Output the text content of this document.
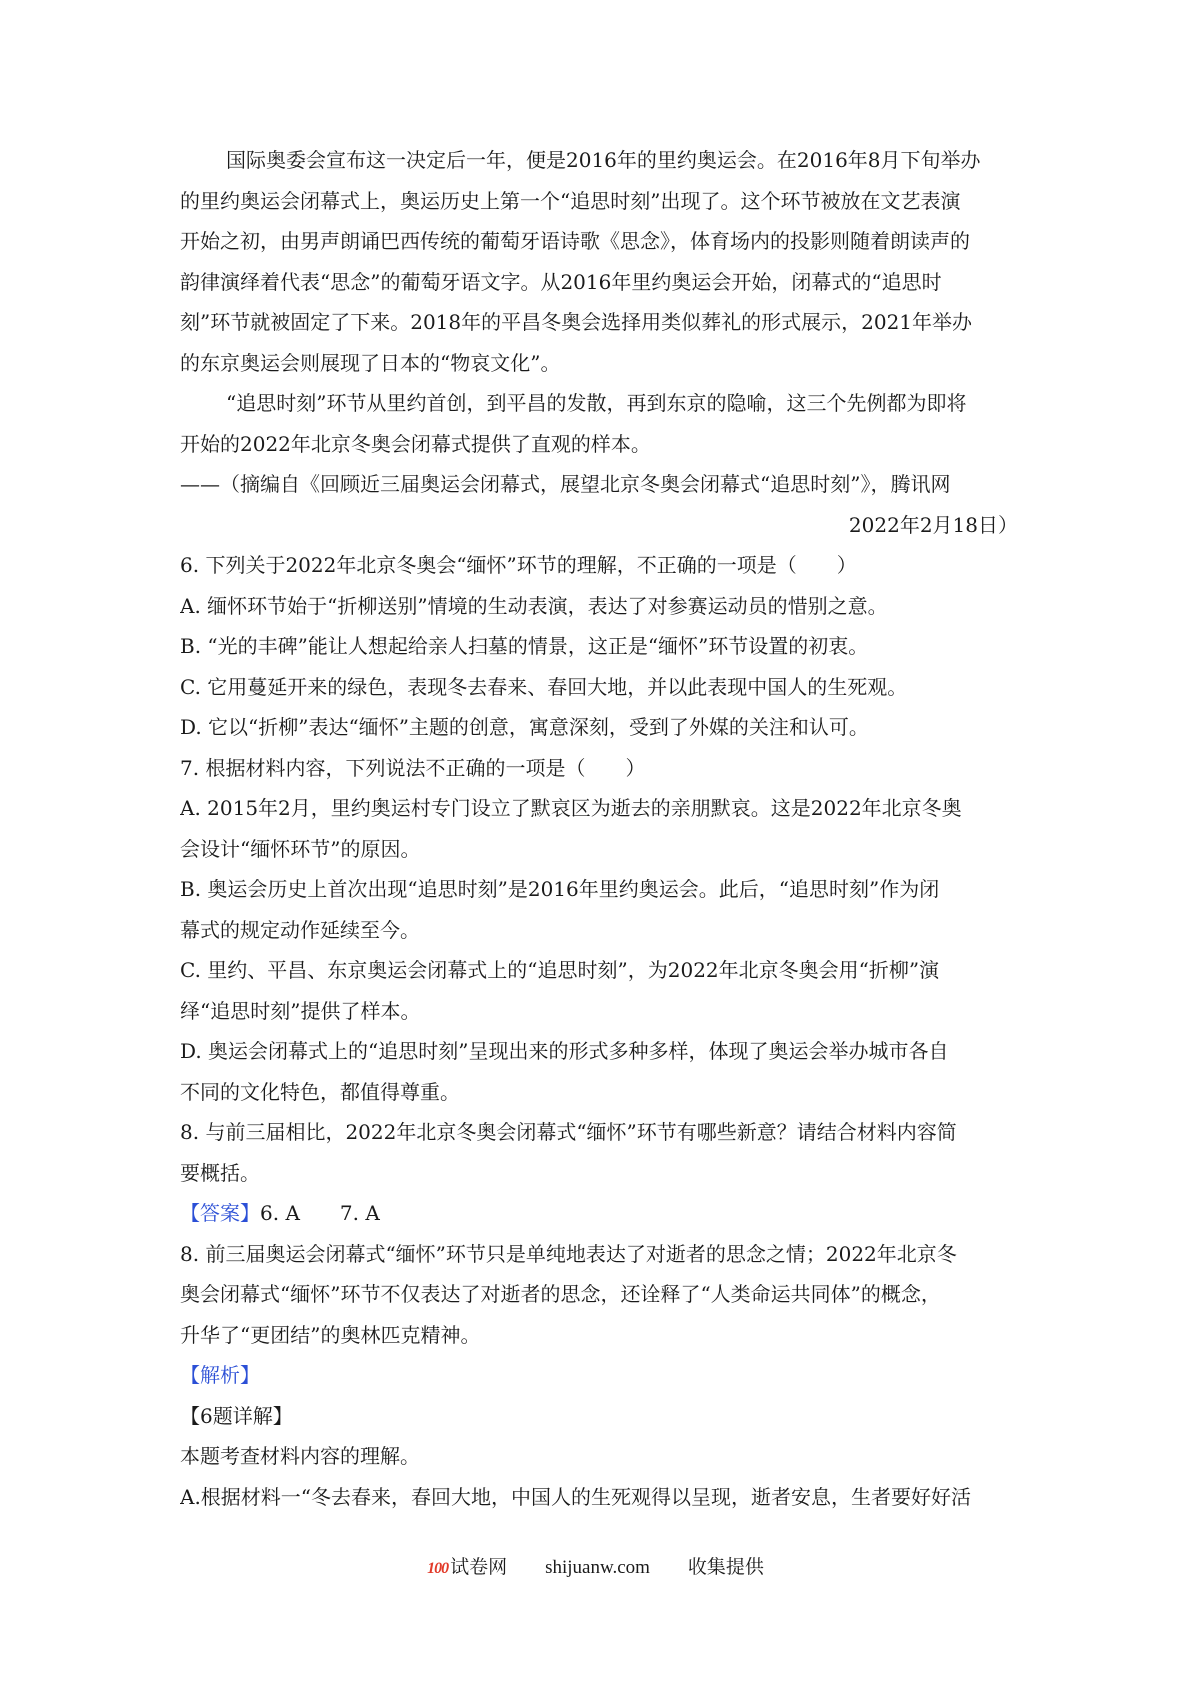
国际奥委会宣布这一决定后一年，便是2016年的里约奥运会。在2016年8月下旬举办
的里约奥运会闭幕式上，奥运历史上第一个“追思时刻”出现了。这个环节被放在文艺表演
开始之初，由男声朗诵巴西传统的葡萄牙语诗歌《思念》，体育场内的投影则随着朗读声的
韵律演绎着代表“思念”的葡萄牙语文字。从2016年里约奥运会开始，闭幕式的“追思时
刻”环节就被固定了下来。2018年的平昌冬奥会选择用类似葬礼的形式展示，2021年举办
的东京奥运会则展现了日本的“物哀文化”。
“追思时刻”环节从里约首创，到平昌的发散，再到东京的隐喻，这三个先例都为即将
开始的2022年北京冬奥会闭幕式提供了直观的样本。
——（摘编自《回顾近三届奥运会闭幕式，展望北京冬奥会闭幕式“追思时刻”》，腾讯网
2022年2月18日）
6. 下列关于2022年北京冬奥会“缅怀”环节的理解，不正确的一项是（　　）
A. 缅怀环节始于“折柳送别”情境的生动表演，表达了对参赛运动员的惜别之意。
B. “光的丰碑”能让人想起给亲人扫墓的情景，这正是“缅怀”环节设置的初衷。
C. 它用蔓延开来的绿色，表现冬去春来、春回大地，并以此表现中国人的生死观。
D. 它以“折柳”表达“缅怀”主题的创意，寓意深刻，受到了外媒的关注和认可。
7. 根据材料内容，下列说法不正确的一项是（　　）
A. 2015年2月，里约奥运村专门设立了默哀区为逝去的亲朋默哀。这是2022年北京冬奥
会设计“缅怀环节”的原因。
B. 奥运会历史上首次出现“追思时刻”是2016年里约奥运会。此后，“追思时刻”作为闭
幕式的规定动作延续至今。
C. 里约、平昌、东京奥运会闭幕式上的“追思时刻”，为2022年北京冬奥会用“折柳”演
绎“追思时刻”提供了样本。
D. 奥运会闭幕式上的“追思时刻”呈现出来的形式多种多样，体现了奥运会举办城市各自
不同的文化特色，都值得尊重。
8. 与前三届相比，2022年北京冬奥会闭幕式“缅怀”环节有哪些新意？请结合材料内容简
要概括。
【答案】6. A　　7. A
8. 前三届奥运会闭幕式“缅怀”环节只是单纯地表达了对逝者的思念之情；2022年北京冬
奥会闭幕式“缅怀”环节不仅表达了对逝者的思念，还诠释了“人类命运共同体”的概念，
升华了“更团结”的奥林匹克精神。
【解析】
【6题详解】
本题考查材料内容的理解。
A.根据材料一“冬去春来，春回大地，中国人的生死观得以呈现，逝者安息，生者要好好活
100 试卷网 shijuanw.com 收集提供
